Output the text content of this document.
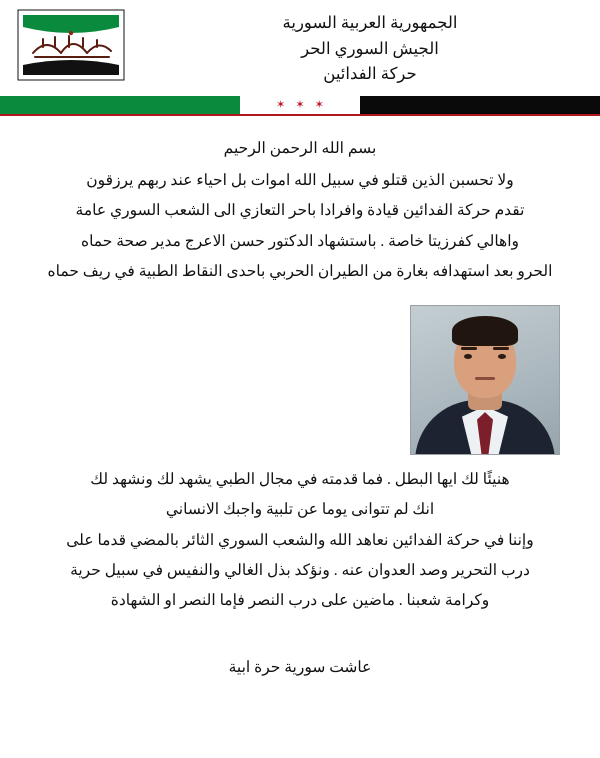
الجمهورية العربية السورية
الجيش السوري الحر
حركة الفدائين
✶
✶
✶

بسم الله الرحمن الرحيم

ولا تحسبن الذين قتلو في سبيل الله اموات بل احياء عند ربهم يرزقون

تقدم حركة الفدائين قيادة وافرادا باحر التعازي الى الشعب السوري عامة

واهالي كفرزيتا خاصة . باستشهاد الدكتور حسن الاعرج مدير صحة حماه

الحرو بعد استهدافه بغارة من الطيران الحربي باحدى النقاط الطبية في ريف حماه

هنيئًا لك ايها البطل . فما قدمته في مجال الطبي يشهد لك ونشهد لك

انك لم تتوانى يوما عن تلبية واجبك الانساني

وإننا في حركة الفدائين نعاهد الله والشعب السوري الثائر بالمضي قدما على

درب التحرير وصد العدوان عنه . ونؤكد بذل الغالي والنفيس في سبيل حرية

وكرامة شعبنا . ماضين على درب النصر فإما النصر او الشهادة

عاشت سورية حرة ابية
